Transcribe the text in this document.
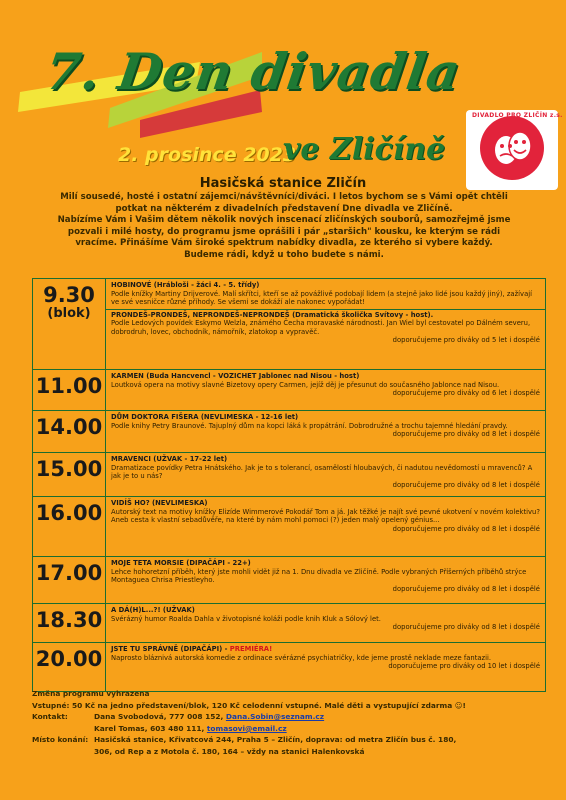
7. Den divadla
2. prosince 2023
ve Zličíně
DIVADLO PRO ZLIČÍN z.s.
Hasičská stanice Zličín

Milí sousedé, hosté i ostatní zájemci/návštěvníci/diváci. I letos bychom se s Vámi opět chtěli

potkat na některém z divadelních představení Dne divadla ve Zličíně.

Nabízíme Vám i Vašim dětem několik nových inscenací zličínských souborů, samozřejmě jsme

pozvali i milé hosty, do programu jsme oprášili i pár „staršich" kousku, ke kterým se rádi

vracíme. Přinášíme Vám široké spektrum nabídky divadla, ze kterého si vybere každý.

Budeme rádi, když u toho budete s námi.

9.30
(blok)
HOBINOVÉ (Hrábloši - žáci 4. - 5. třídy)
Podle knížky Martiny Drijverové. Malí skřítci, kteří se až povážlivě podobají lidem (a stejně jako lidé jsou každý jiný), zažívají ve své vesničce různé příhody. Se všemi se dokáží ale nakonec vypořádat!
PRONDEŠ-PRONDEŠ, NEPRONDEŠ-NEPRONDEŠ (Dramatická školička Svítovy - host).
Podle Ledových povídek Eskymo Welzla, známého Čecha moravaské národnosti. Jan Wiel byl cestovatel po Dálném severu, dobrodruh, lovec, obchodník, námořník, zlatokop a vypravěč.
doporučujeme pro diváky od 5 let i dospělé
11.00	KARMEN (Buda Hancvencl - VOZICHET Jablonec nad Nisou - host)
Loutková opera na motivy slavné Bizetovy opery Carmen, jejíž děj je přesunut do současného Jablonce nad Nisou.
doporučujeme pro diváky od 6 let i dospělé
14.00	DŮM DOKTORA FIŠERA (NEVLIMESKA - 12-16 let)
Podle knihy Petry Braunové. Tajuplný dům na kopci láká k propátrání. Dobrodružné a trochu tajemné hledání pravdy.
doporučujeme pro diváky od 8 let i dospělé
15.00	MRAVENCI (UŽVAK - 17-22 let)
Dramatizace povídky Petra Hnátského. Jak je to s tolerancí, osamělostí hloubavých, či nadutou nevědomostí u mravenců? A jak je to u nás?
doporučujeme pro diváky od 8 let i dospělé
16.00	VIDÍŠ HO? (NEVLIMESKA)
Autorský text na motivy knížky Elizíde Wimmerové Pokodář Tom a já. Jak těžké je najít své pevné ukotvení v novém kolektivu? Aneb cesta k vlastní sebadůvěře, na které by nám mohl pomoci (?) jeden malý opelený génius...
doporučujeme pro diváky od 8 let i dospělé
17.00	MOJE TETA MORSIE (DIPAČÁPI - 22+)
Lehce hohoretzní příběh, který jste mohli vidět již na 1. Dnu divadla ve Zličíně. Podle vybraných Příšerných příběhů strýce Montaguea Chrisa Priestleyho.
doporučujeme pro diváky od 8 let i dospělé
18.30	A DÁ(H)L...?! (UŽVAK)
Svérázný humor Roalda Dahla v životopisné koláži podle knih Kluk a Sólový let.
doporučujeme pro diváky od 8 let i dospělé
20.00	JSTE TU SPRÁVNĚ (DIPAČÁPI) - PREMIÉRA!
Naprosto bláznivá autorská komedie z ordinace svérázné psychiatričky, kde jeme prostě neklade meze fantazii.
doporučujeme pro diváky od 10 let i dospělé
Změna programu vyhrazena
Vstupné: 50 Kč na jedno představení/blok, 120 Kč celodenní vstupné. Malé děti a vystupující zdarma ☺!
Kontakt:	Dana Svobodová, 777 008 152, Dana.Sobin@seznam.cz
Karel Tomas, 603 480 111, tomasovi@email.cz
Místo konání: Hasičská stanice, Křivatcová 244, Praha 5 – Zličín, doprava: od metra Zličín bus č. 180,
306, od Rep a z Motola č. 180, 164 – vždy na stanici Halenkovská
